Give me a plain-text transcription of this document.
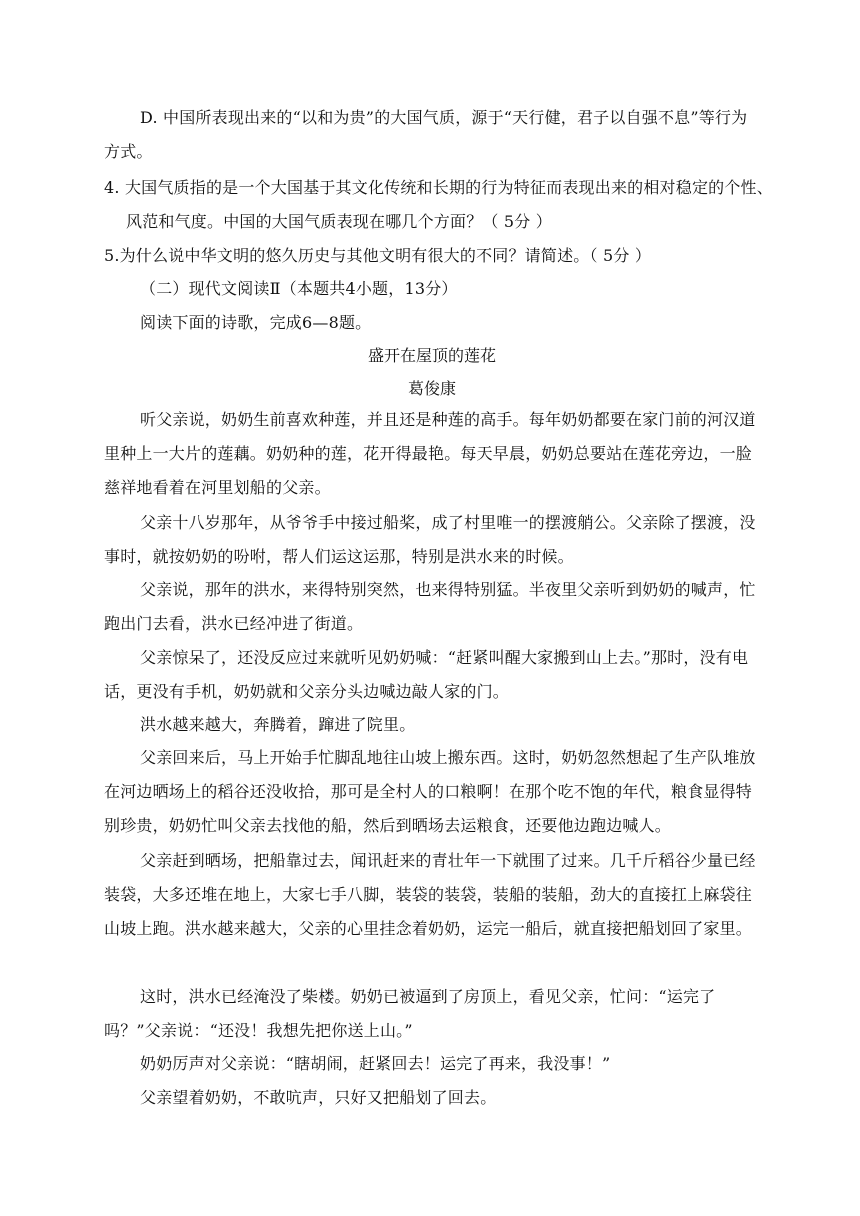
D. 中国所表现出来的“以和为贵”的大国气质，源于“天行健，君子以自强不息”等行为方式。

4. 大国气质指的是一个大国基于其文化传统和长期的行为特征而表现出来的相对稳定的个性、风范和气度。中国的大国气质表现在哪几个方面？（ 5分 ）

5.为什么说中华文明的悠久历史与其他文明有很大的不同？请简述。（ 5分 ）

（二）现代文阅读Ⅱ（本题共4小题，13分）

阅读下面的诗歌，完成6—8题。

盛开在屋顶的莲花

葛俊康

听父亲说，奶奶生前喜欢种莲，并且还是种莲的高手。每年奶奶都要在家门前的河汉道里种上一大片的莲藕。奶奶种的莲，花开得最艳。每天早晨，奶奶总要站在莲花旁边，一脸慈祥地看着在河里划船的父亲。

父亲十八岁那年，从爷爷手中接过船桨，成了村里唯一的摆渡艄公。父亲除了摆渡，没事时，就按奶奶的吩咐，帮人们运这运那，特别是洪水来的时候。

父亲说，那年的洪水，来得特别突然，也来得特别猛。半夜里父亲听到奶奶的喊声，忙跑出门去看，洪水已经冲进了街道。

父亲惊呆了，还没反应过来就听见奶奶喊：“赶紧叫醒大家搬到山上去。”那时，没有电话，更没有手机，奶奶就和父亲分头边喊边敲人家的门。

洪水越来越大，奔腾着，蹿进了院里。

父亲回来后，马上开始手忙脚乱地往山坡上搬东西。这时，奶奶忽然想起了生产队堆放在河边晒场上的稻谷还没收拾，那可是全村人的口粮啊！在那个吃不饱的年代，粮食显得特别珍贵，奶奶忙叫父亲去找他的船，然后到晒场去运粮食，还要他边跑边喊人。

父亲赶到晒场，把船靠过去，闻讯赶来的青壮年一下就围了过来。几千斤稻谷少量已经装袋，大多还堆在地上，大家七手八脚，装袋的装袋，装船的装船，劲大的直接扛上麻袋往山坡上跑。洪水越来越大，父亲的心里挂念着奶奶，运完一船后，就直接把船划回了家里。

这时，洪水已经淹没了柴楼。奶奶已被逼到了房顶上，看见父亲，忙问：“运完了吗？”父亲说：“还没！我想先把你送上山。”

奶奶厉声对父亲说：“瞎胡闹，赶紧回去！运完了再来，我没事！”

父亲望着奶奶，不敢吭声，只好又把船划了回去。
